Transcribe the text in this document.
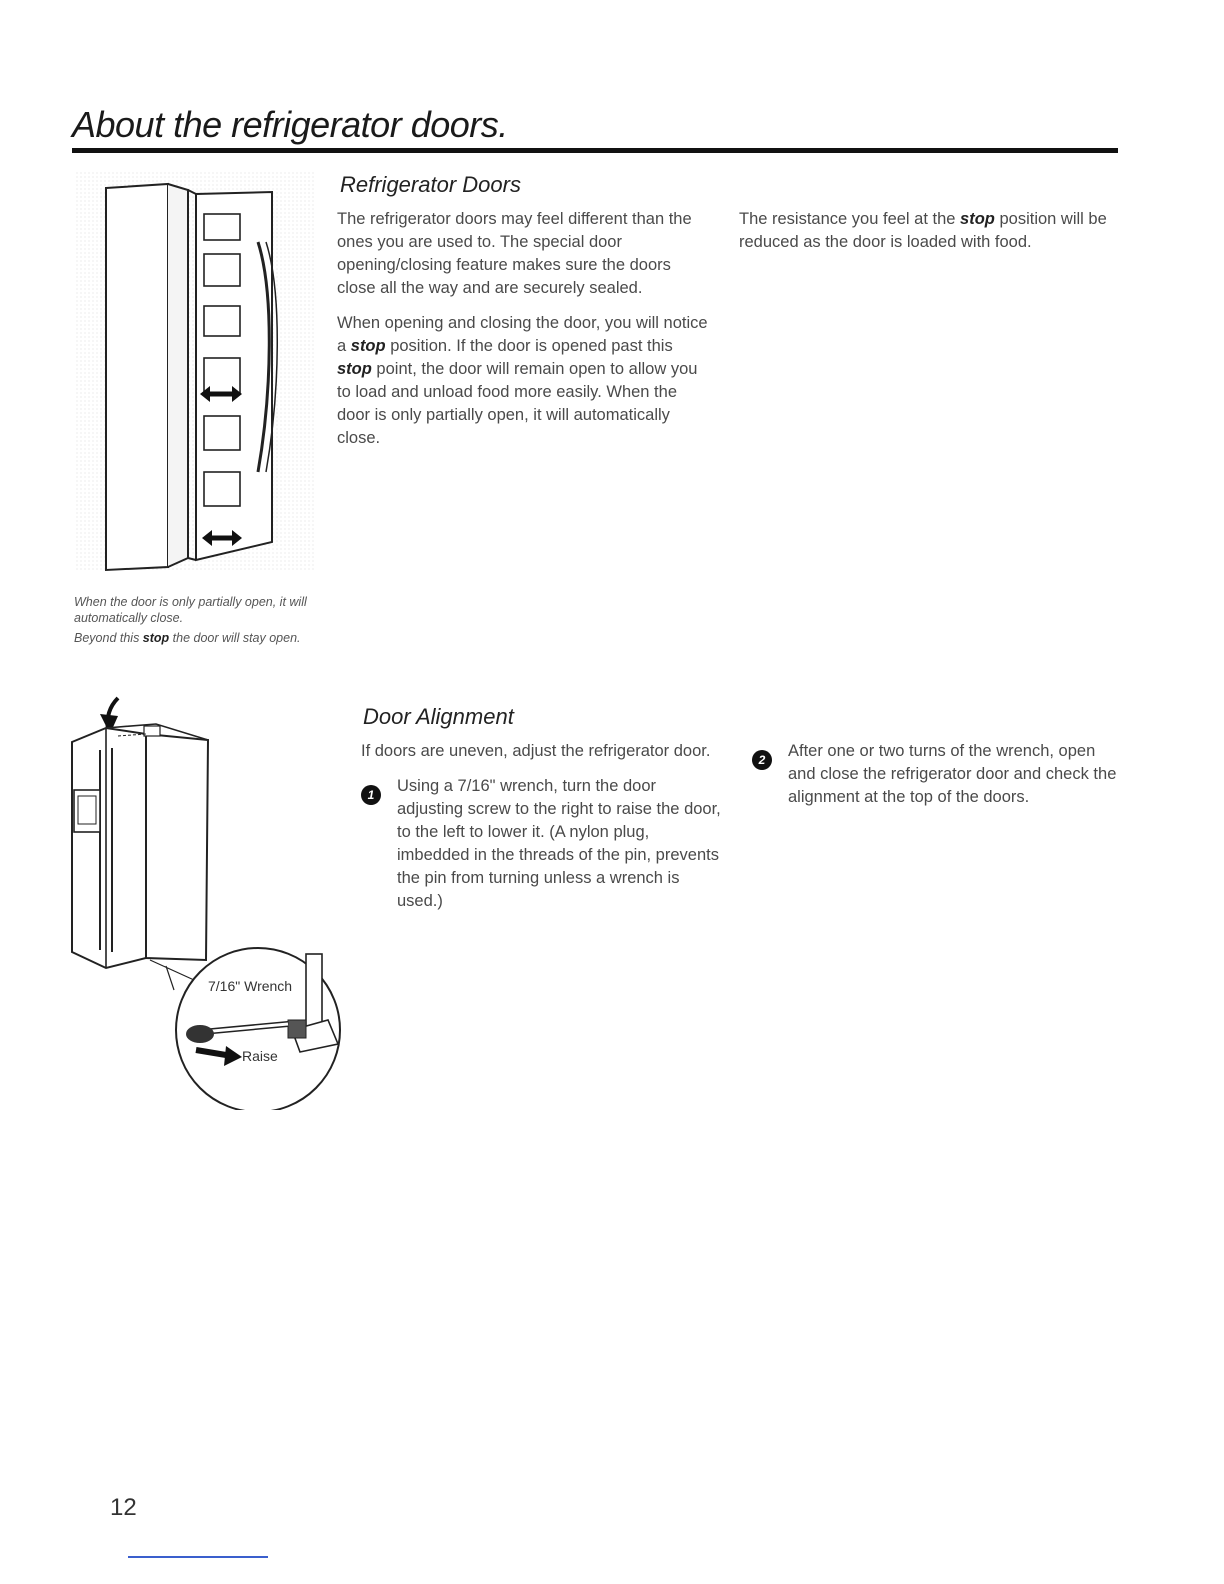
About the refrigerator doors.

When the door is only partially open, it will automatically close.

Beyond this stop the door will stay open.

Refrigerator Doors

The refrigerator doors may feel different than the ones you are used to. The special door opening/closing feature makes sure the doors close all the way and are securely sealed.

When opening and closing the door, you will notice a stop position. If the door is opened past this stop point, the door will remain open to allow you to load and unload food more easily. When the door is only partially open, it will automatically close.

The resistance you feel at the stop position will be reduced as the door is loaded with food.

7/16" Wrench
Raise
Door Alignment

If doors are uneven, adjust the refrigerator door.

1	Using a 7/16" wrench, turn the door adjusting screw to the right to raise the door, to the left to lower it. (A nylon plug, imbedded in the threads of the pin, prevents the pin from turning unless a wrench is used.)

2	After one or two turns of the wrench, open and close the refrigerator door and check the alignment at the top of the doors.

12
